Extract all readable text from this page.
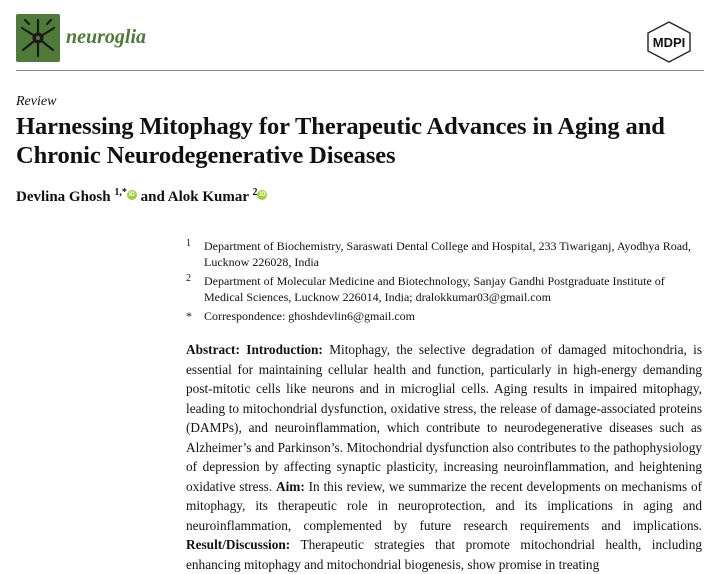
neuroglia	MDPI
Review
Harnessing Mitophagy for Therapeutic Advances in Aging and
Chronic Neurodegenerative Diseases
Devlina Ghosh $^{1,*}$ iD and Alok Kumar $^2$ iD
1 Department of Biochemistry, Saraswati Dental College and Hospital, 233 Tiwariganj, Ayodhya Road, Lucknow 226028, India
2 Department of Molecular Medicine and Biotechnology, Sanjay Gandhi Postgraduate Institute of Medical Sciences, Lucknow 226014, India; dralokkumar03@gmail.com
* Correspondence: ghoshdevlin6@gmail.com
Abstract: Introduction: Mitophagy, the selective degradation of damaged mitochondria, is essential for maintaining cellular health and function, particularly in high-energy demanding post-mitotic cells like neurons and in microglial cells. Aging results in impaired mitophagy, leading to mitochondrial dysfunction, oxidative stress, the release of damage-associated proteins (DAMPs), and neuroinflammation, which contribute to neurodegenerative diseases such as Alzheimer’s and Parkinson’s. Mitochondrial dysfunction also contributes to the pathophysiology of depression by affecting synaptic plasticity, increasing neuroinflammation, and heightening oxidative stress. Aim: In this review, we summarize the recent developments on mechanisms of mitophagy, its therapeutic role in neuroprotection, and its implications in aging and neuroinflammation, complemented by future research requirements and implications. Result/Discussion: Therapeutic strategies that promote mitochondrial health, including enhancing mitophagy and mitochondrial biogenesis, show promise in treating
